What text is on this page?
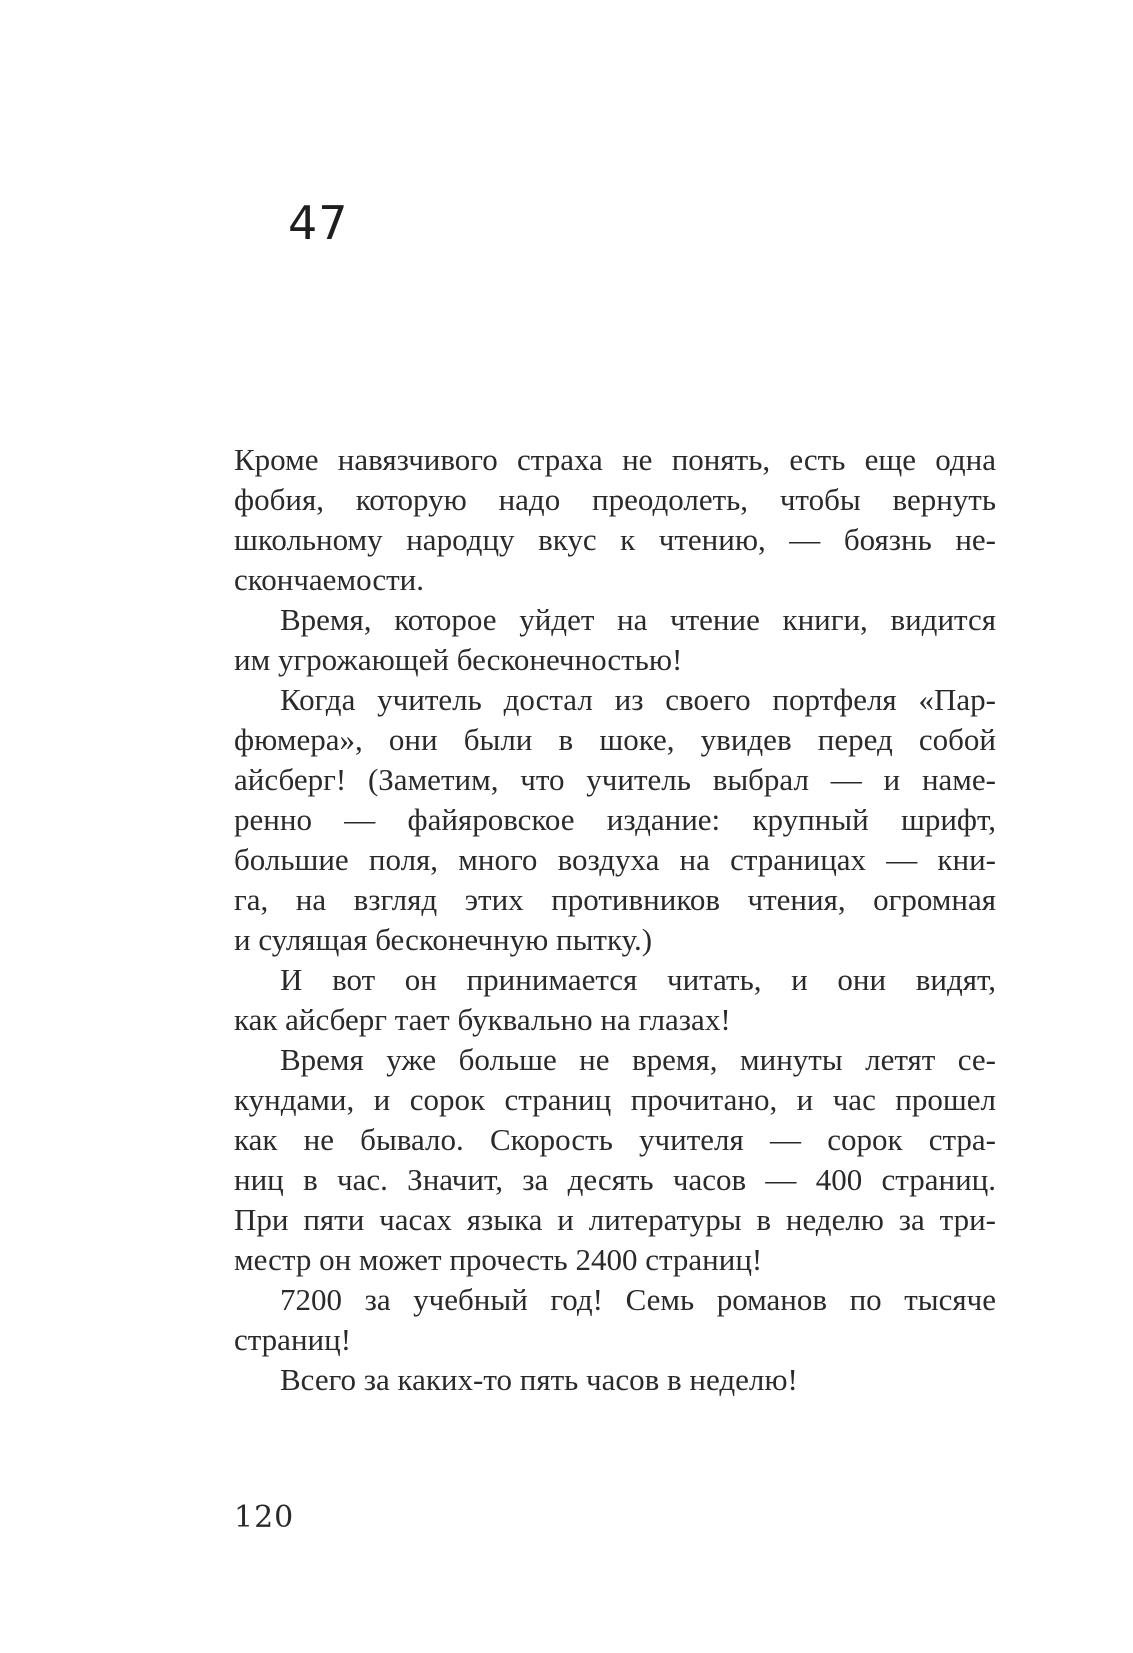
47

Кроме навязчивого страха не понять, есть еще одна
фобия, которую надо преодолеть, чтобы вернуть
школьному народцу вкус к чтению, — боязнь не-
скончаемости.

Время, которое уйдет на чтение книги, видится
им угрожающей бесконечностью!

Когда учитель достал из своего портфеля «Пар-
фюмера», они были в шоке, увидев перед собой
айсберг! (Заметим, что учитель выбрал — и наме-
ренно — файяровское издание: крупный шрифт,
большие поля, много воздуха на страницах — кни-
га, на взгляд этих противников чтения, огромная
и сулящая бесконечную пытку.)

И вот он принимается читать, и они видят,
как айсберг тает буквально на глазах!

Время уже больше не время, минуты летят се-
кундами, и сорок страниц прочитано, и час прошел
как не бывало. Скорость учителя — сорок стра-
ниц в час. Значит, за десять часов — 400 страниц.
При пяти часах языка и литературы в неделю за три-
местр он может прочесть 2400 страниц!

7200 за учебный год! Семь романов по тысяче
страниц!

Всего за каких-то пять часов в неделю!

120
